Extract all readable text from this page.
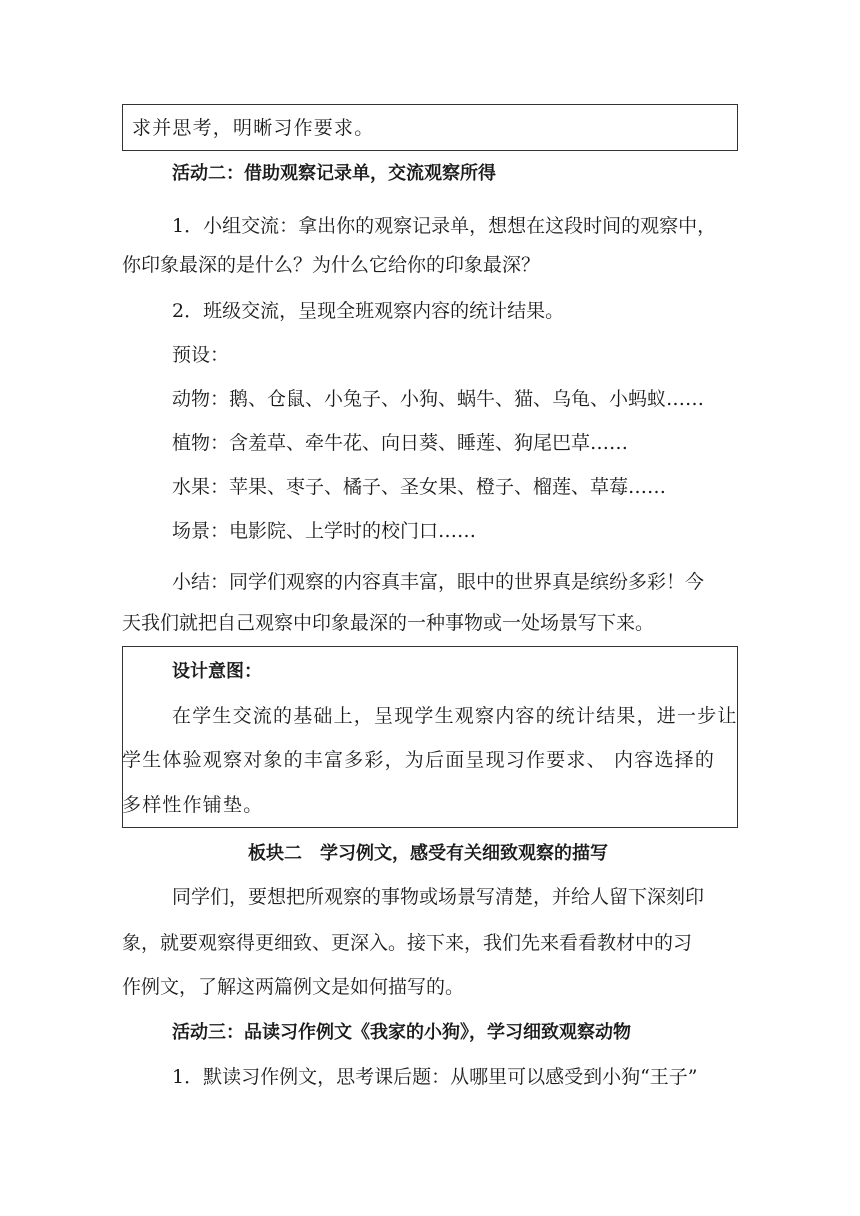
求并思考，明晰习作要求。
活动二：借助观察记录单，交流观察所得
1．小组交流：拿出你的观察记录单，想想在这段时间的观察中，
你印象最深的是什么？为什么它给你的印象最深？
2．班级交流，呈现全班观察内容的统计结果。
预设：
动物：鹅、仓鼠、小兔子、小狗、蜗牛、猫、乌龟、小蚂蚁……
植物：含羞草、牵牛花、向日葵、睡莲、狗尾巴草……
水果：苹果、枣子、橘子、圣女果、橙子、榴莲、草莓……
场景：电影院、上学时的校门口……
小结：同学们观察的内容真丰富，眼中的世界真是缤纷多彩！今
天我们就把自己观察中印象最深的一种事物或一处场景写下来。
设计意图：
在学生交流的基础上，呈现学生观察内容的统计结果，进一步让
学生体验观察对象的丰富多彩，为后面呈现习作要求、 内容选择的
多样性作铺垫。
板块二　学习例文，感受有关细致观察的描写
同学们，要想把所观察的事物或场景写清楚，并给人留下深刻印
象，就要观察得更细致、更深入。接下来，我们先来看看教材中的习
作例文，了解这两篇例文是如何描写的。
活动三：品读习作例文《我家的小狗》，学习细致观察动物
1．默读习作例文，思考课后题：从哪里可以感受到小狗“王子”
